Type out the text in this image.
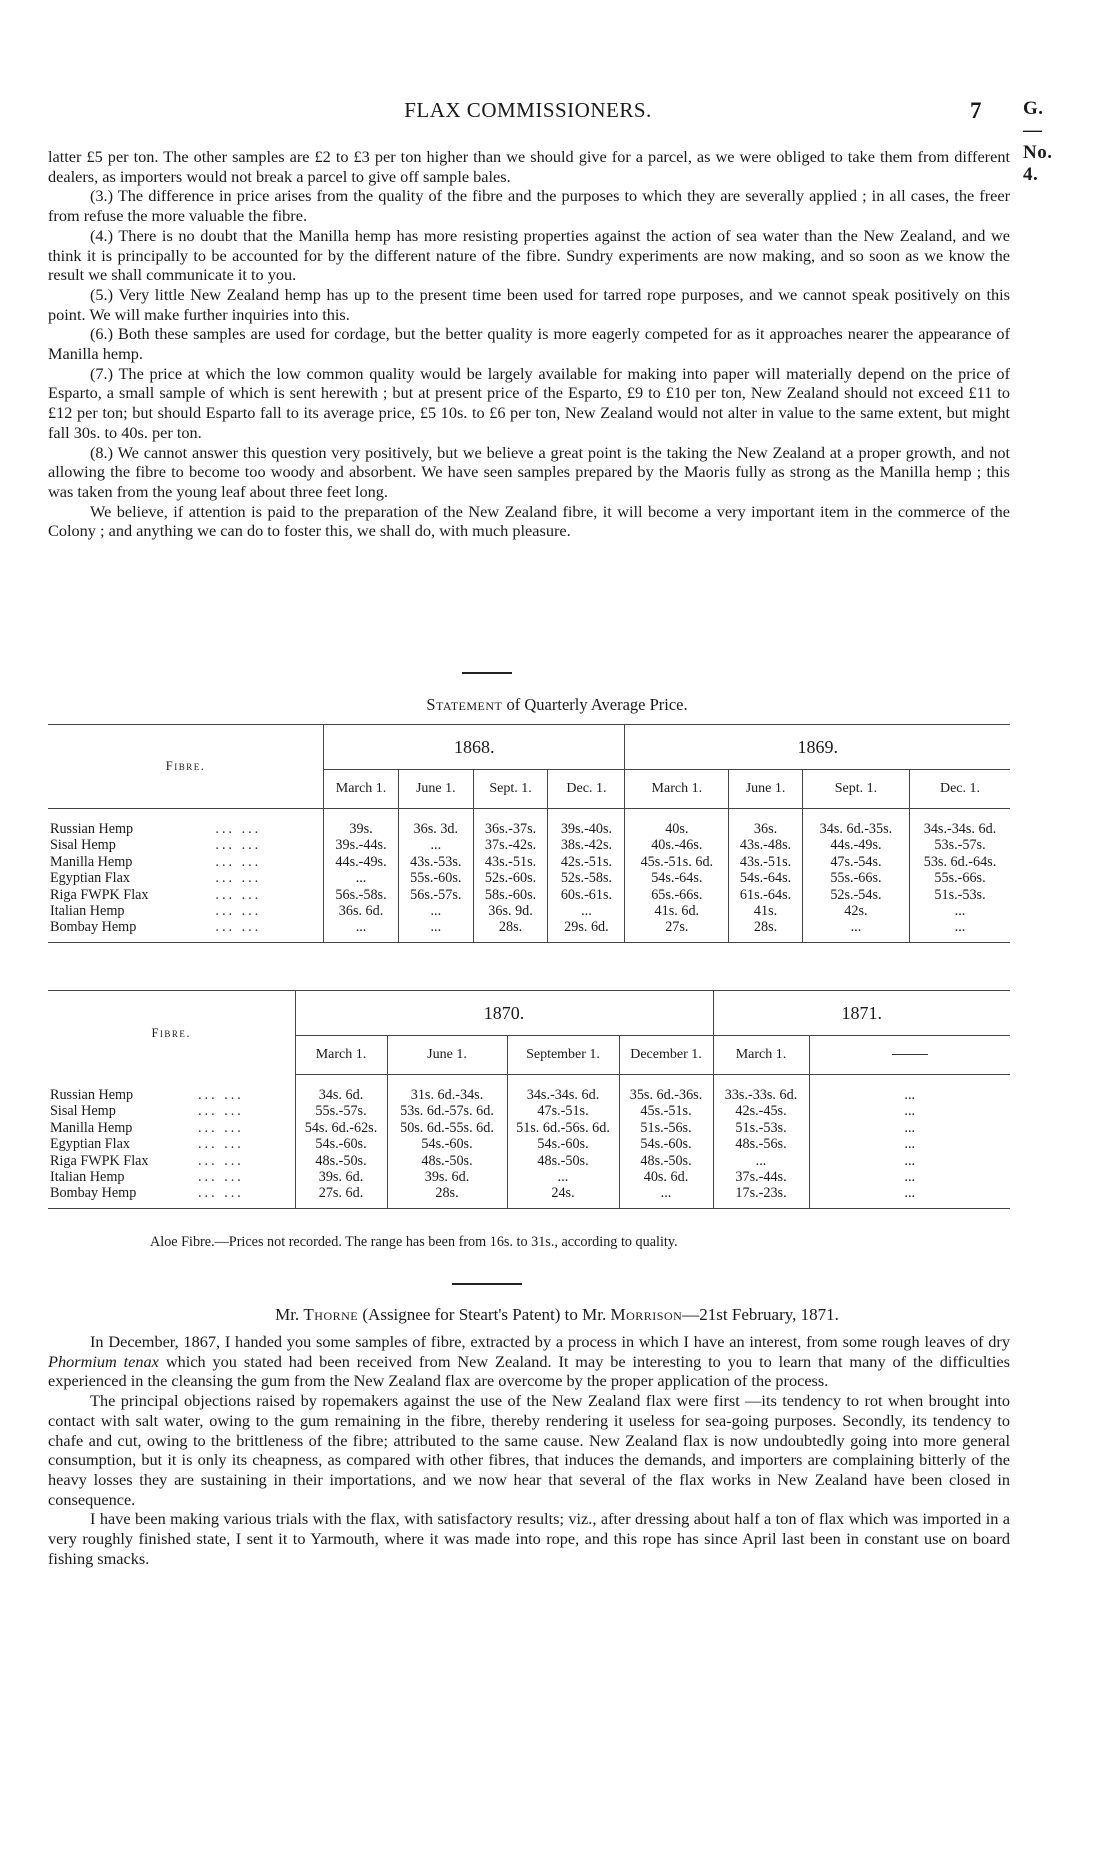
FLAX COMMISSIONERS.	7 G.—No. 4.

latter £5 per ton. The other samples are £2 to £3 per ton higher than we should give for a parcel, as we were obliged to take them from different dealers, as importers would not break a parcel to give off sample bales.

(3.) The difference in price arises from the quality of the fibre and the purposes to which they are severally applied ; in all cases, the freer from refuse the more valuable the fibre.

(4.) There is no doubt that the Manilla hemp has more resisting properties against the action of sea water than the New Zealand, and we think it is principally to be accounted for by the different nature of the fibre. Sundry experiments are now making, and so soon as we know the result we shall communicate it to you.

(5.) Very little New Zealand hemp has up to the present time been used for tarred rope purposes, and we cannot speak positively on this point. We will make further inquiries into this.

(6.) Both these samples are used for cordage, but the better quality is more eagerly competed for as it approaches nearer the appearance of Manilla hemp.

(7.) The price at which the low common quality would be largely available for making into paper will materially depend on the price of Esparto, a small sample of which is sent herewith ; but at present price of the Esparto, £9 to £10 per ton, New Zealand should not exceed £11 to £12 per ton; but should Esparto fall to its average price, £5 10s. to £6 per ton, New Zealand would not alter in value to the same extent, but might fall 30s. to 40s. per ton.

(8.) We cannot answer this question very positively, but we believe a great point is the taking the New Zealand at a proper growth, and not allowing the fibre to become too woody and absorbent. We have seen samples prepared by the Maoris fully as strong as the Manilla hemp ; this was taken from the young leaf about three feet long.

We believe, if attention is paid to the preparation of the New Zealand fibre, it will become a very important item in the commerce of the Colony ; and anything we can do to foster this, we shall do, with much pleasure.

Statement of Quarterly Average Price.
Fibre.		1868.				1869.			
		March 1.	June 1.	Sept. 1.	Dec. 1.	March 1.	June 1.	Sept. 1.	Dec. 1.

Russian Hemp	... ...	39s.	36s. 3d.	36s.-37s.	39s.-40s.	40s.	36s.	34s. 6d.-35s.	34s.-34s. 6d.
Sisal Hemp	... ...	39s.-44s.	...	37s.-42s.	38s.-42s.	40s.-46s.	43s.-48s.	44s.-49s.	53s.-57s.
Manilla Hemp	... ...	44s.-49s.	43s.-53s.	43s.-51s.	42s.-51s.	45s.-51s. 6d.	43s.-51s.	47s.-54s.	53s. 6d.-64s.
Egyptian Flax	... ...	...	55s.-60s.	52s.-60s.	52s.-58s.	54s.-64s.	54s.-64s.	55s.-66s.	55s.-66s.
Riga FWPK Flax	... ...	56s.-58s.	56s.-57s.	58s.-60s.	60s.-61s.	65s.-66s.	61s.-64s.	52s.-54s.	51s.-53s.
Italian Hemp	... ...	36s. 6d.	...	36s. 9d.	...	41s. 6d.	41s.	42s.	...
Bombay Hemp	... ...	...	...	28s.	29s. 6d.	27s.	28s.	...	...

Fibre.		1870.				1871.	
		March 1.	June 1.	September 1.	December 1.	March 1.	

Russian Hemp	... ...	34s. 6d.	31s. 6d.-34s.	34s.-34s. 6d.	35s. 6d.-36s.	33s.-33s. 6d.	...
Sisal Hemp	... ...	55s.-57s.	53s. 6d.-57s. 6d.	47s.-51s.	45s.-51s.	42s.-45s.	...
Manilla Hemp	... ...	54s. 6d.-62s.	50s. 6d.-55s. 6d.	51s. 6d.-56s. 6d.	51s.-56s.	51s.-53s.	...
Egyptian Flax	... ...	54s.-60s.	54s.-60s.	54s.-60s.	54s.-60s.	48s.-56s.	...
Riga FWPK Flax	... ...	48s.-50s.	48s.-50s.	48s.-50s.	48s.-50s.	...	...
Italian Hemp	... ...	39s. 6d.	39s. 6d.	...	40s. 6d.	37s.-44s.	...
Bombay Hemp	... ...	27s. 6d.	28s.	24s.	...	17s.-23s.	...

Aloe Fibre.—Prices not recorded. The range has been from 16s. to 31s., according to quality.
Mr. Thorne (Assignee for Steart's Patent) to Mr. Morrison—21st February, 1871.

In December, 1867, I handed you some samples of fibre, extracted by a process in which I have an interest, from some rough leaves of dry Phormium tenax which you stated had been received from New Zealand. It may be interesting to you to learn that many of the difficulties experienced in the cleansing the gum from the New Zealand flax are overcome by the proper application of the process.

The principal objections raised by ropemakers against the use of the New Zealand flax were first —its tendency to rot when brought into contact with salt water, owing to the gum remaining in the fibre, thereby rendering it useless for sea-going purposes. Secondly, its tendency to chafe and cut, owing to the brittleness of the fibre; attributed to the same cause. New Zealand flax is now undoubtedly going into more general consumption, but it is only its cheapness, as compared with other fibres, that induces the demands, and importers are complaining bitterly of the heavy losses they are sustaining in their importations, and we now hear that several of the flax works in New Zealand have been closed in consequence.

I have been making various trials with the flax, with satisfactory results; viz., after dressing about half a ton of flax which was imported in a very roughly finished state, I sent it to Yarmouth, where it was made into rope, and this rope has since April last been in constant use on board fishing smacks.
